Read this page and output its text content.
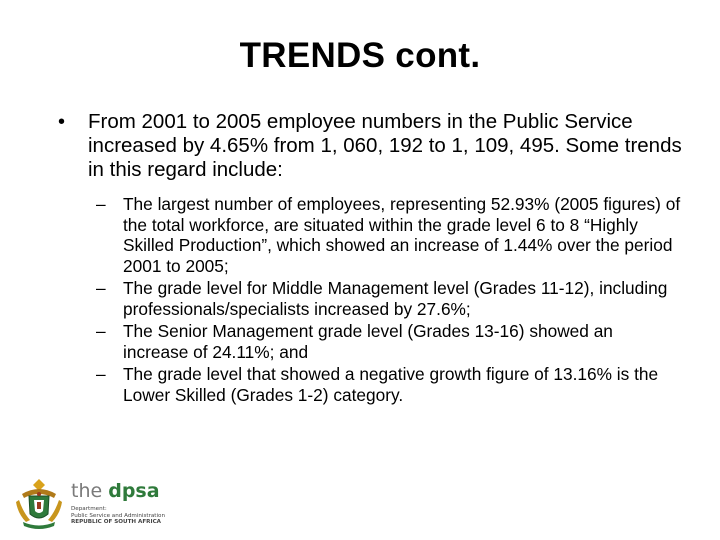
TRENDS cont.
• From 2001 to 2005 employee numbers in the Public Service increased by 4.65% from 1, 060, 192 to 1, 109, 495. Some trends in this regard include:
– The largest number of employees, representing 52.93% (2005 figures) of the total workforce, are situated within the grade level 6 to 8 “Highly Skilled Production”, which showed an increase of 1.44% over the period 2001 to 2005;
– The grade level for Middle Management level (Grades 11-12), including professionals/specialists increased by 27.6%;
– The Senior Management grade level (Grades 13-16) showed an increase of 24.11%; and
– The grade level that showed a negative growth figure of 13.16% is the Lower Skilled (Grades 1-2) category.
the dpsa
Department:
Public Service and Administration
REPUBLIC OF SOUTH AFRICA
